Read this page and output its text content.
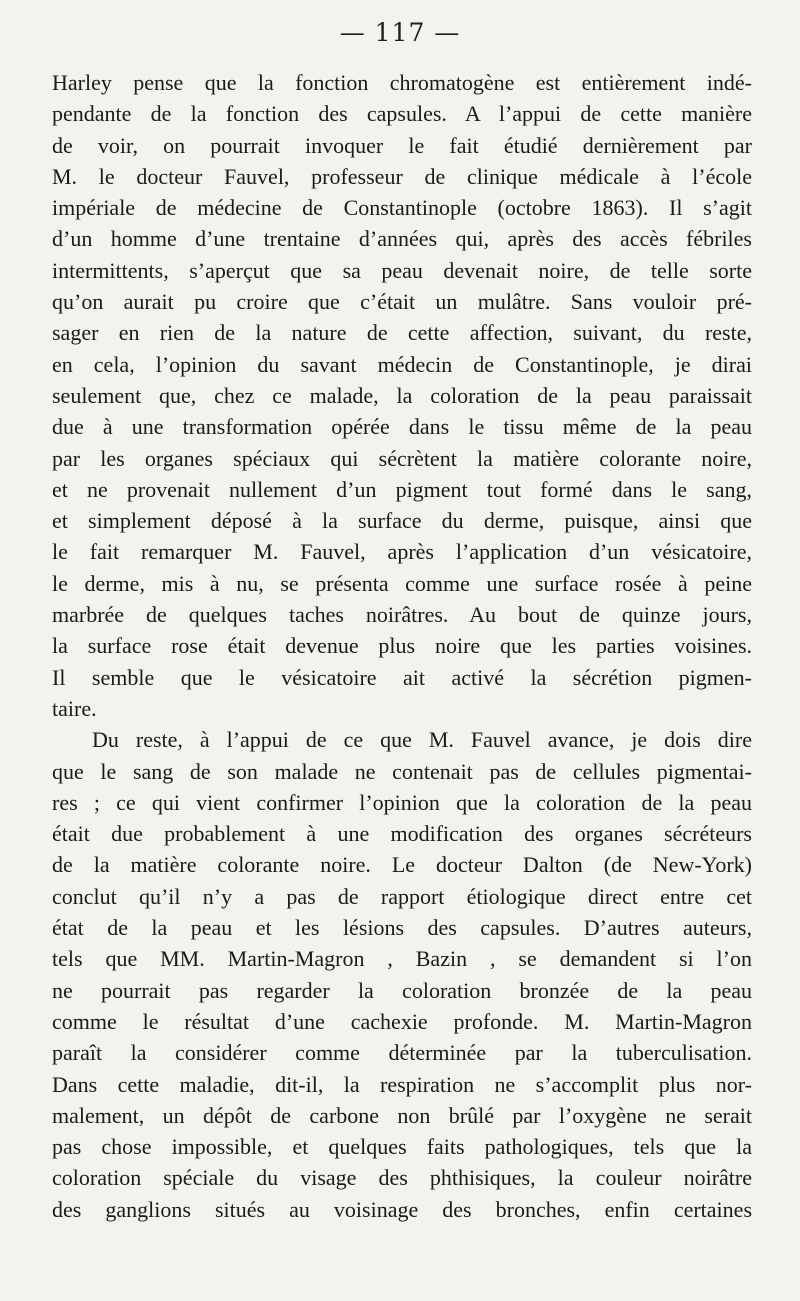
— 117 —
Harley pense que la fonction chromatogène est entièrement indé-
pendante de la fonction des capsules. A l’appui de cette manière
de voir, on pourrait invoquer le fait étudié dernièrement par
M. le docteur Fauvel, professeur de clinique médicale à l’école
impériale de médecine de Constantinople (octobre 1863). Il s’agit
d’un homme d’une trentaine d’années qui, après des accès fébriles
intermittents, s’aperçut que sa peau devenait noire, de telle sorte
qu’on aurait pu croire que c’était un mulâtre. Sans vouloir pré-
sager en rien de la nature de cette affection, suivant, du reste,
en cela, l’opinion du savant médecin de Constantinople, je dirai
seulement que, chez ce malade, la coloration de la peau paraissait
due à une transformation opérée dans le tissu même de la peau
par les organes spéciaux qui sécrètent la matière colorante noire,
et ne provenait nullement d’un pigment tout formé dans le sang,
et simplement déposé à la surface du derme, puisque, ainsi que
le fait remarquer M. Fauvel, après l’application d’un vésicatoire,
le derme, mis à nu, se présenta comme une surface rosée à peine
marbrée de quelques taches noirâtres. Au bout de quinze jours,
la surface rose était devenue plus noire que les parties voisines.
Il semble que le vésicatoire ait activé la sécrétion pigmen-
taire.
Du reste, à l’appui de ce que M. Fauvel avance, je dois dire
que le sang de son malade ne contenait pas de cellules pigmentai-
res ; ce qui vient confirmer l’opinion que la coloration de la peau
était due probablement à une modification des organes sécréteurs
de la matière colorante noire. Le docteur Dalton (de New-York)
conclut qu’il n’y a pas de rapport étiologique direct entre cet
état de la peau et les lésions des capsules. D’autres auteurs,
tels que MM. Martin-Magron , Bazin , se demandent si l’on
ne pourrait pas regarder la coloration bronzée de la peau
comme le résultat d’une cachexie profonde. M. Martin-Magron
paraît la considérer comme déterminée par la tuberculisation.
Dans cette maladie, dit-il, la respiration ne s’accomplit plus nor-
malement, un dépôt de carbone non brûlé par l’oxygène ne serait
pas chose impossible, et quelques faits pathologiques, tels que la
coloration spéciale du visage des phthisiques, la couleur noirâtre
des ganglions situés au voisinage des bronches, enfin certaines
